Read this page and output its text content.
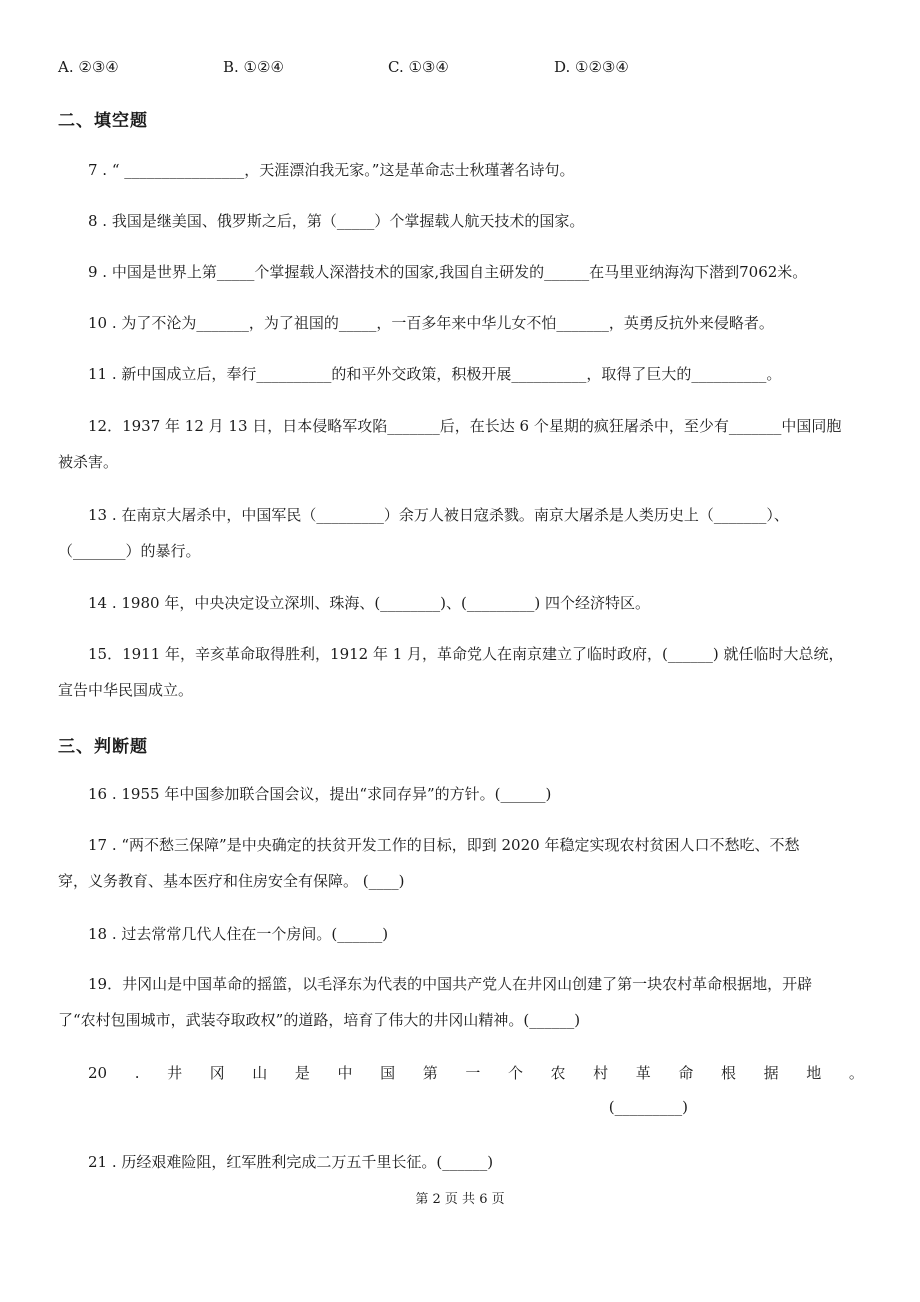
A. ②③④	B. ①②④	C. ①③④	D. ①②③④
二、填空题
7 . “ ________________，天涯漂泊我无家。”这是革命志士秋瑾著名诗句。
8 . 我国是继美国、俄罗斯之后，第（_____）个掌握载人航天技术的国家。
9 . 中国是世界上第_____个掌握载人深潜技术的国家,我国自主研发的______在马里亚纳海沟下潜到7062米。
10 . 为了不沦为_______，为了祖国的_____，一百多年来中华儿女不怕_______，英勇反抗外来侵略者。
11 . 新中国成立后，奉行__________的和平外交政策，积极开展__________，取得了巨大的__________。
12．1937 年 12 月 13 日，日本侵略军攻陷_______后，在长达 6 个星期的疯狂屠杀中，至少有_______中国同胞
被杀害。
13 . 在南京大屠杀中，中国军民（_________）余万人被日寇杀戮。南京大屠杀是人类历史上（_______）、
（_______）的暴行。
14 . 1980 年，中央决定设立深圳、珠海、(________)、(_________) 四个经济特区。
15．1911 年，辛亥革命取得胜利，1912 年 1 月，革命党人在南京建立了临时政府，(______) 就任临时大总统，
宣告中华民国成立。
三、判断题
16 . 1955 年中国参加联合国会议，提出“求同存异”的方针。(______)
17 . “两不愁三保障”是中央确定的扶贫开发工作的目标，即到 2020 年稳定实现农村贫困人口不愁吃、不愁
穿，义务教育、基本医疗和住房安全有保障。 (____)
18 . 过去常常几代人住在一个房间。(______)
19．井冈山是中国革命的摇篮，以毛泽东为代表的中国共产党人在井冈山创建了第一块农村革命根据地，开辟
了“农村包围城市，武装夺取政权”的道路，培育了伟大的井冈山精神。(______)
20 . 井 冈 山 是 中 国 第 一 个 农 村 革 命 根 据 地 。
(_________)
21 . 历经艰难险阻，红军胜利完成二万五千里长征。(______)
第 2 页 共 6 页
